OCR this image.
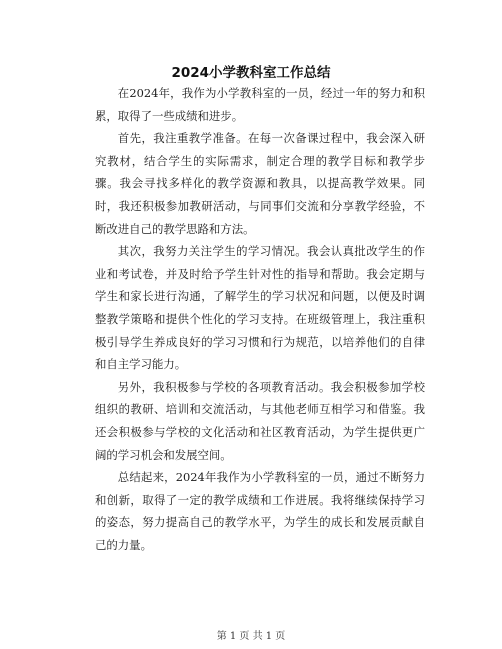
2024小学教科室工作总结

在2024年，我作为小学教科室的一员，经过一年的努力和积累，取得了一些成绩和进步。

首先，我注重教学准备。在每一次备课过程中，我会深入研究教材，结合学生的实际需求，制定合理的教学目标和教学步骤。我会寻找多样化的教学资源和教具，以提高教学效果。同时，我还积极参加教研活动，与同事们交流和分享教学经验，不断改进自己的教学思路和方法。

其次，我努力关注学生的学习情况。我会认真批改学生的作业和考试卷，并及时给予学生针对性的指导和帮助。我会定期与学生和家长进行沟通，了解学生的学习状况和问题，以便及时调整教学策略和提供个性化的学习支持。在班级管理上，我注重积极引导学生养成良好的学习习惯和行为规范，以培养他们的自律和自主学习能力。

另外，我积极参与学校的各项教育活动。我会积极参加学校组织的教研、培训和交流活动，与其他老师互相学习和借鉴。我还会积极参与学校的文化活动和社区教育活动，为学生提供更广阔的学习机会和发展空间。

总结起来，2024年我作为小学教科室的一员，通过不断努力和创新，取得了一定的教学成绩和工作进展。我将继续保持学习的姿态，努力提高自己的教学水平，为学生的成长和发展贡献自己的力量。

第 1 页 共 1 页
